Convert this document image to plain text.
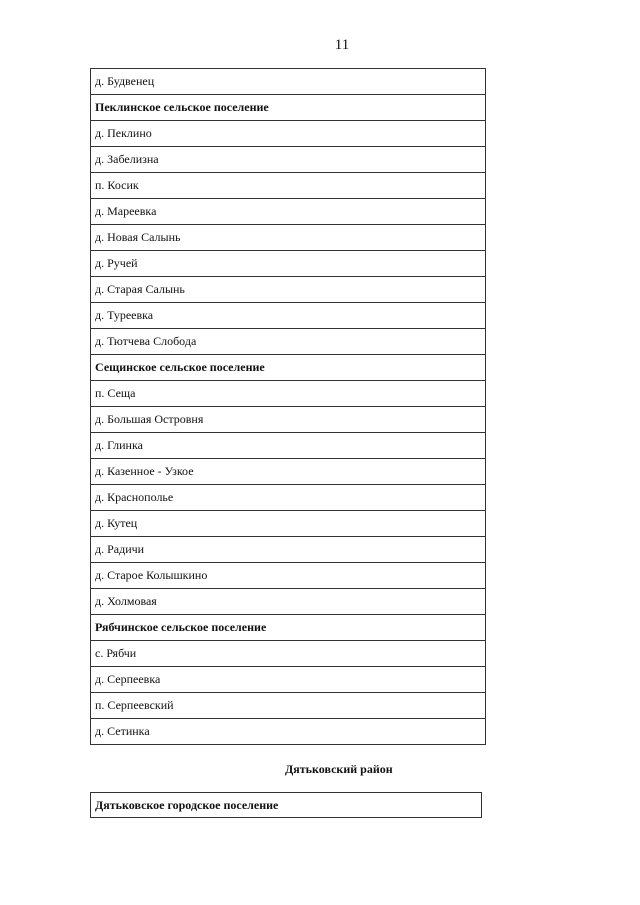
11
д. Будвенец
Пеклинское сельское поселение
д. Пеклино
д. Забелизна
п. Косик
д. Мареевка
д. Новая Салынь
д. Ручей
д. Старая Салынь
д. Туреевка
д. Тютчева Слобода
Сещинское сельское поселение
п. Сеща
д. Большая Островня
д. Глинка
д. Казенное - Узкое
д. Краснополье
д. Кутец
д. Радичи
д. Старое Колышкино
д. Холмовая
Рябчинское сельское поселение
с. Рябчи
д. Серпеевка
п. Серпеевский
д. Сетинка
Дятьковский район
Дятьковское городское поселение
